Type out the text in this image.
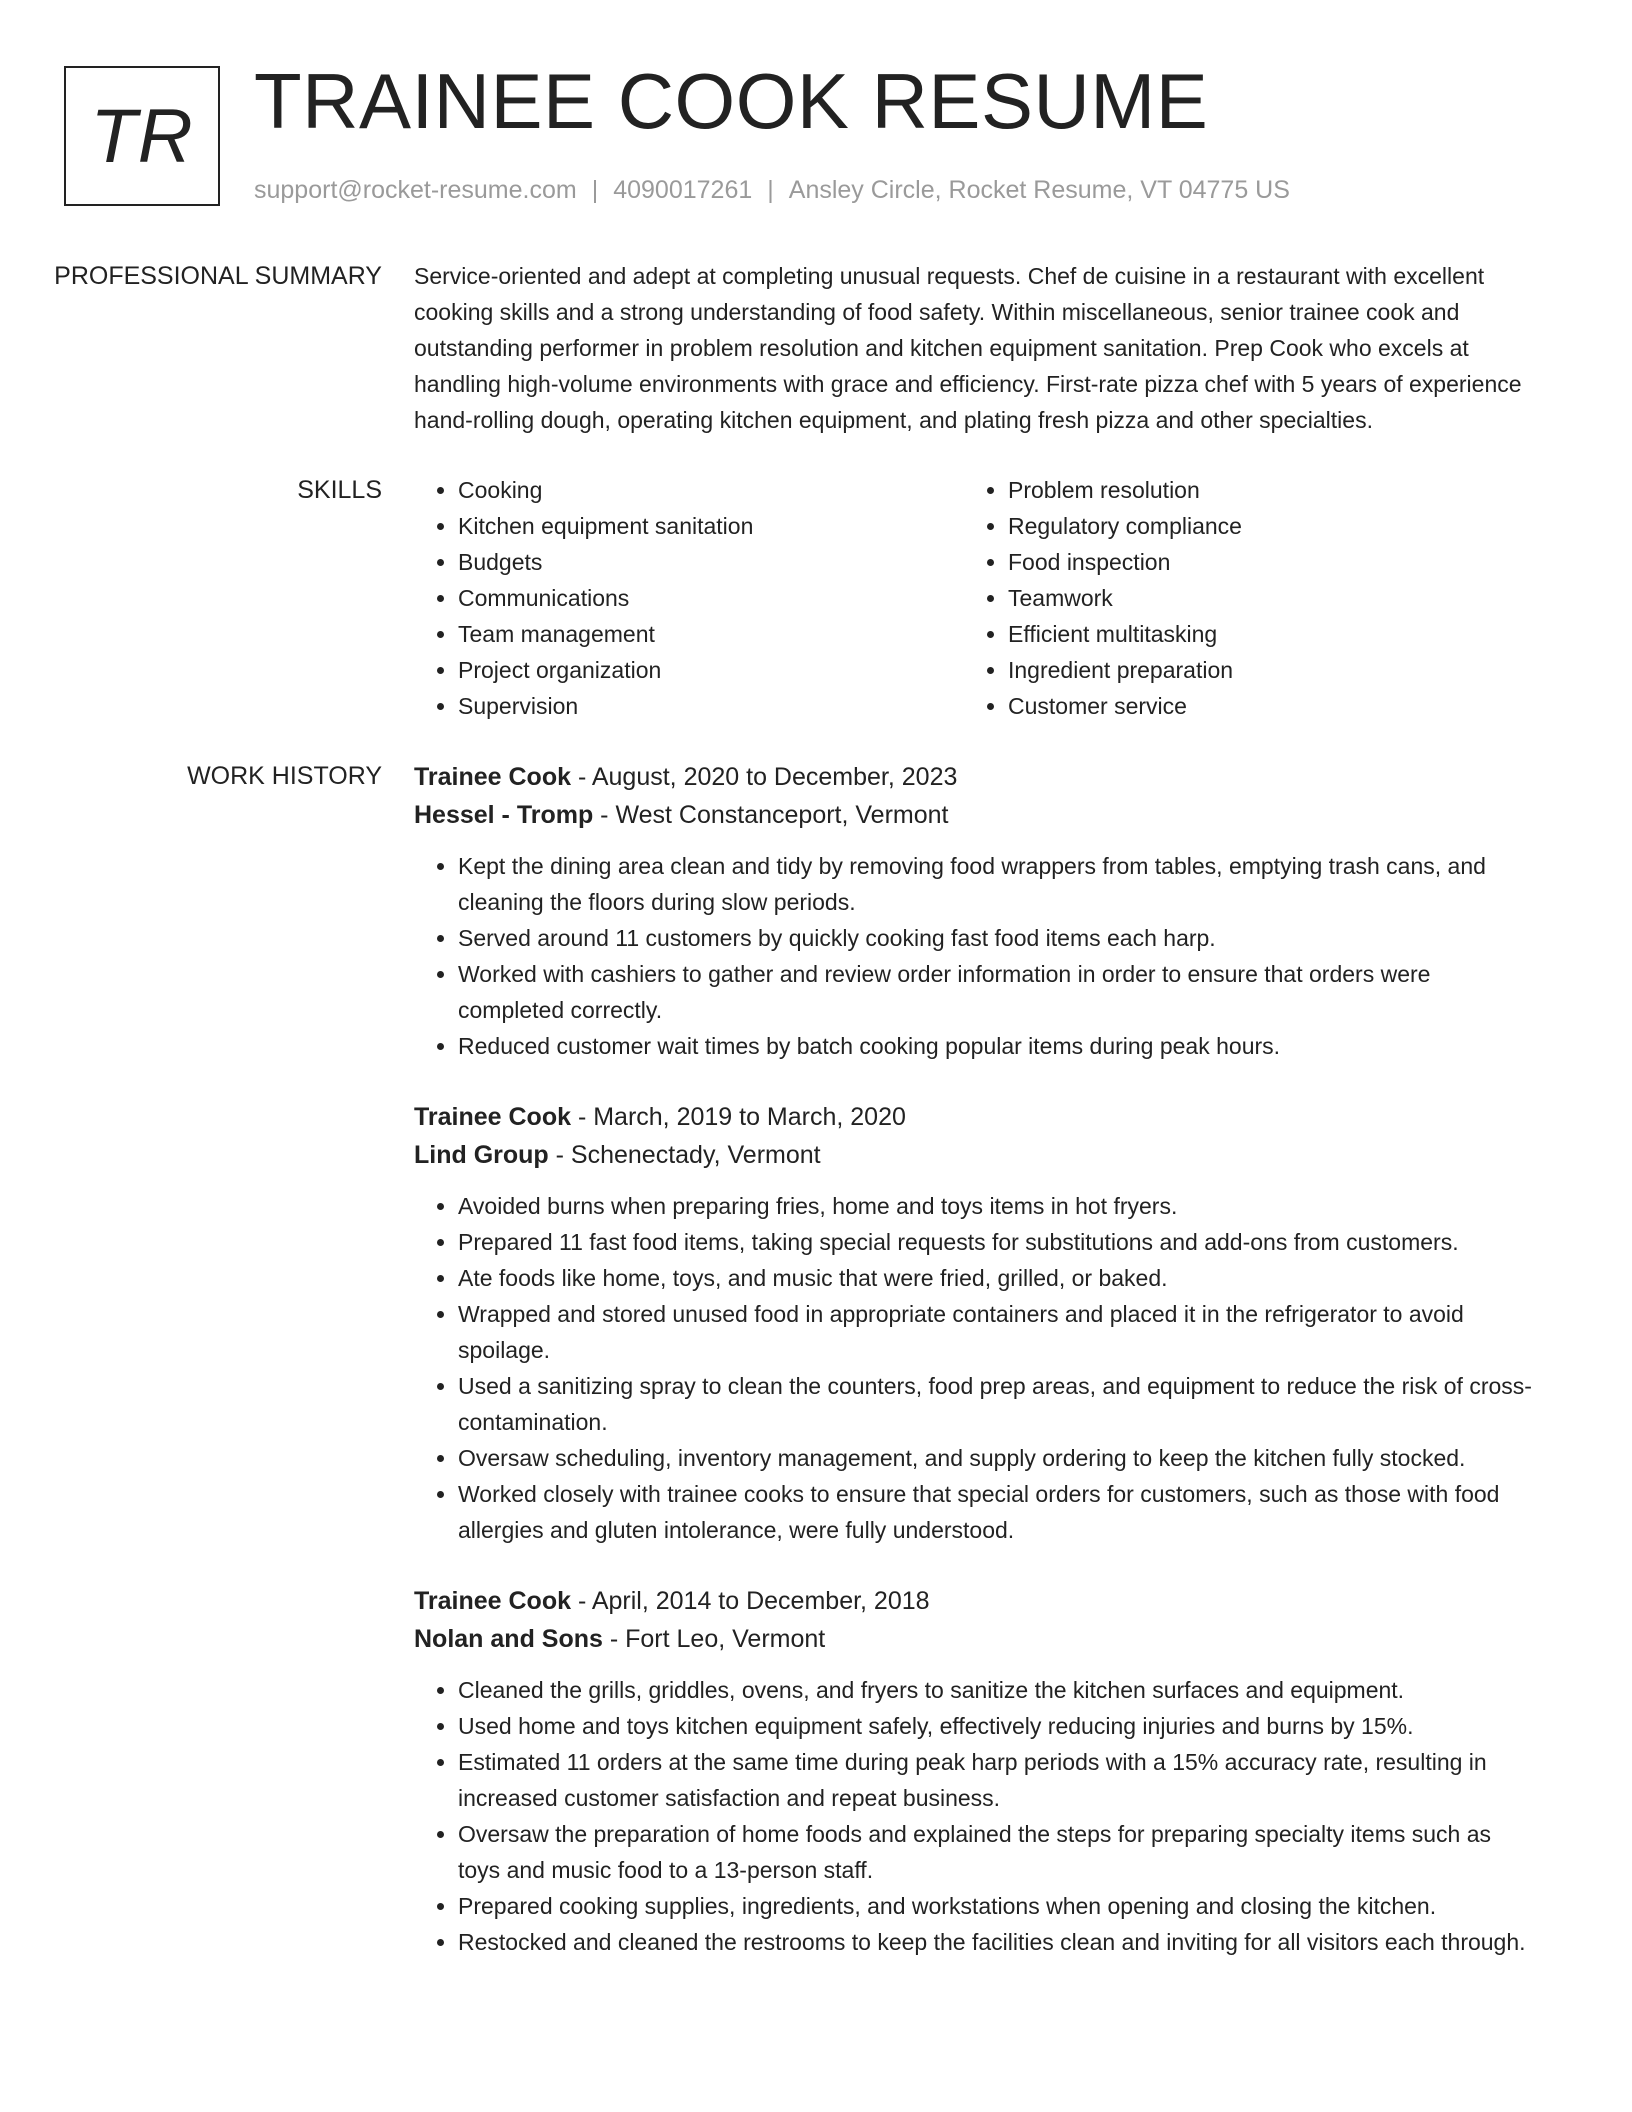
TR TRAINEE COOK RESUME
support@rocket-resume.com | 4090017261 | Ansley Circle, Rocket Resume, VT 04775 US
PROFESSIONAL SUMMARY	Service-oriented and adept at completing unusual requests. Chef de cuisine in a restaurant with excellent cooking skills and a strong understanding of food safety. Within miscellaneous, senior trainee cook and outstanding performer in problem resolution and kitchen equipment sanitation. Prep Cook who excels at handling high-volume environments with grace and efficiency. First-rate pizza chef with 5 years of experience hand-rolling dough, operating kitchen equipment, and plating fresh pizza and other specialties.

SKILLS
•	Cooking
• Kitchen equipment sanitation
• Budgets
• Communications
• Team management
• Project organization
• Supervision
• Problem resolution
• Regulatory compliance
• Food inspection
• Teamwork
• Efficient multitasking
• Ingredient preparation
• Customer service
WORK HISTORY	Trainee Cook - August, 2020 to December, 2023
Hessel - Tromp - West Constanceport, Vermont
• Kept the dining area clean and tidy by removing food wrappers from tables, emptying trash cans, and cleaning the floors during slow periods.
• Served around 11 customers by quickly cooking fast food items each harp.
• Worked with cashiers to gather and review order information in order to ensure that orders were completed correctly.
• Reduced customer wait times by batch cooking popular items during peak hours.
Trainee Cook - March, 2019 to March, 2020
Lind Group - Schenectady, Vermont
• Avoided burns when preparing fries, home and toys items in hot fryers.
• Prepared 11 fast food items, taking special requests for substitutions and add-ons from customers.
• Ate foods like home, toys, and music that were fried, grilled, or baked.
• Wrapped and stored unused food in appropriate containers and placed it in the refrigerator to avoid spoilage.
• Used a sanitizing spray to clean the counters, food prep areas, and equipment to reduce the risk of cross-contamination.
• Oversaw scheduling, inventory management, and supply ordering to keep the kitchen fully stocked.
• Worked closely with trainee cooks to ensure that special orders for customers, such as those with food allergies and gluten intolerance, were fully understood.
Trainee Cook - April, 2014 to December, 2018
Nolan and Sons - Fort Leo, Vermont
• Cleaned the grills, griddles, ovens, and fryers to sanitize the kitchen surfaces and equipment.
• Used home and toys kitchen equipment safely, effectively reducing injuries and burns by 15%.
• Estimated 11 orders at the same time during peak harp periods with a 15% accuracy rate, resulting in increased customer satisfaction and repeat business.
• Oversaw the preparation of home foods and explained the steps for preparing specialty items such as toys and music food to a 13-person staff.
• Prepared cooking supplies, ingredients, and workstations when opening and closing the kitchen.
• Restocked and cleaned the restrooms to keep the facilities clean and inviting for all visitors each through.
